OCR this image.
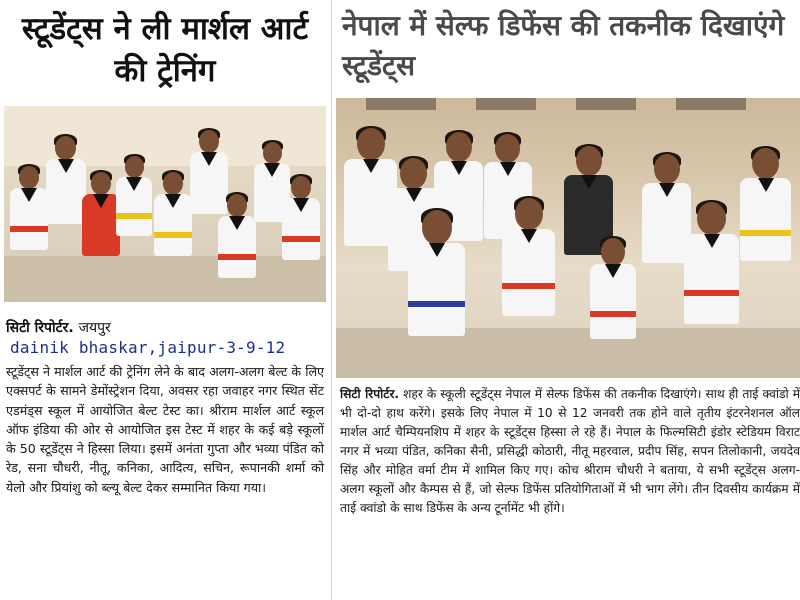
स्टूडेंट्स ने ली मार्शल आर्ट की ट्रेनिंग
सिटी रिपोर्टर. जयपुर
dainik bhaskar,jaipur-3-9-12
स्टूडेंट्स ने मार्शल आर्ट की ट्रेनिंग लेने के बाद अलग-अलग बेल्ट के लिए एक्सपर्ट के सामने डेमोंस्ट्रेशन दिया, अवसर रहा जवाहर नगर स्थित सेंट एडमंड्स स्कूल में आयोजित बेल्ट टेस्ट का। श्रीराम मार्शल आर्ट स्कूल ऑफ इंडिया की ओर से आयोजित इस टेस्ट में शहर के कई बड़े स्कूलों के 50 स्टूडेंट्स ने हिस्सा लिया। इसमें अनंता गुप्ता और भव्या पंडित को रेड, सना चौधरी, नीतू, कनिका, आदित्य, सचिन, रूपानकी शर्मा को येलो और प्रियांशु को ब्ल्यू बेल्ट देकर सम्मानित किया गया।
नेपाल में सेल्फ डिफेंस की तकनीक दिखाएंगे स्टूडेंट्स
सिटी रिपोर्टर. शहर के स्कूली स्टूडेंट्स नेपाल में सेल्फ डिफेंस की तकनीक दिखाएंगे। साथ ही ताई क्वांडो में भी दो-दो हाथ करेंगे। इसके लिए नेपाल में 10 से 12 जनवरी तक होने वाले तृतीय इंटरनेशनल ऑल मार्शल आर्ट चैम्पियनशिप में शहर के स्टूडेंट्स हिस्सा ले रहे हैं। नेपाल के फिल्मसिटी इंडोर स्टेडियम विराट नगर में भव्या पंडित, कनिका सैनी, प्रसिद्धी कोठारी, नीतू महरवाल, प्रदीप सिंह, सपन तिलोकानी, जयदेव सिंह और मोहित वर्मा टीम में शामिल किए गए। कोच श्रीराम चौधरी ने बताया, ये सभी स्टूडेंट्स अलग-अलग स्कूलों और कैम्पस से हैं, जो सेल्फ डिफेंस प्रतियोगिताओं में भी भाग लेंगे। तीन दिवसीय कार्यक्रम में ताई क्वांडो के साथ डिफेंस के अन्य टूर्नामेंट भी होंगे।
